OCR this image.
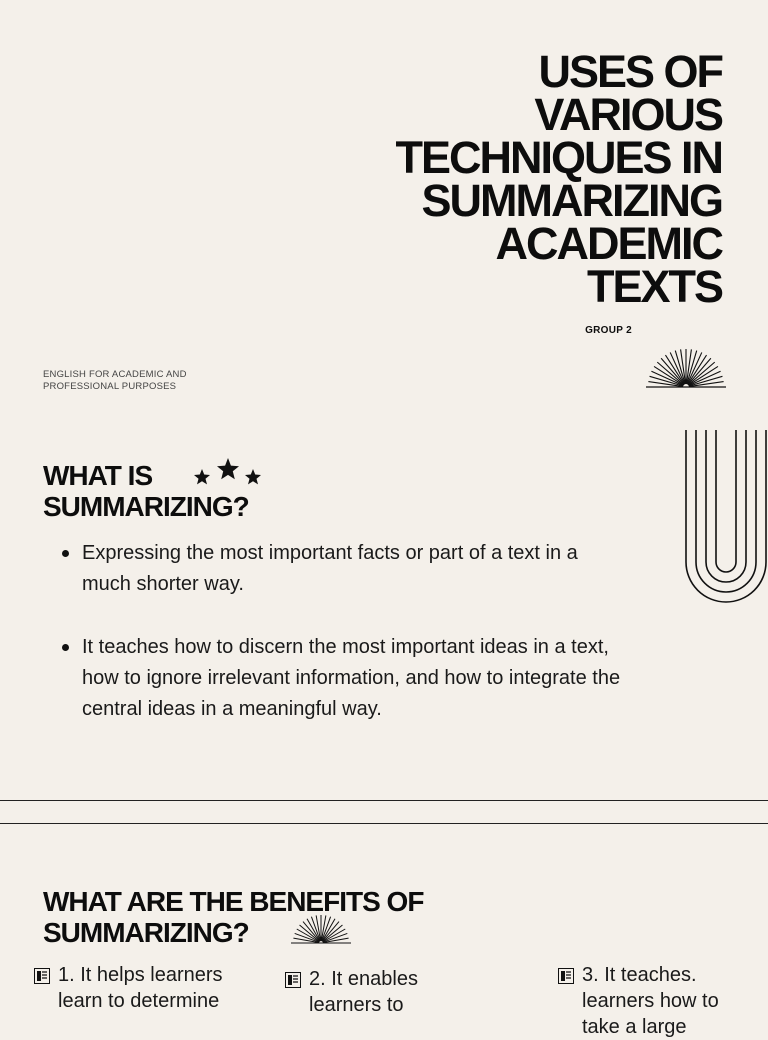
USES OF
VARIOUS
TECHNIQUES IN
SUMMARIZING
ACADEMIC
TEXTS

GROUP 2

ENGLISH FOR ACADEMIC AND
PROFESSIONAL PURPOSES

WHAT IS
SUMMARIZING?
Expressing the most important facts or part of a text in a much shorter way.
It teaches how to discern the most important ideas in a text, how to ignore irrelevant information, and how to integrate the central ideas in a meaningful way.
WHAT ARE THE BENEFITS OF
SUMMARIZING?
1. It helps learners learn to determine
2. It enables learners to
3. It teaches. learners how to take a large
